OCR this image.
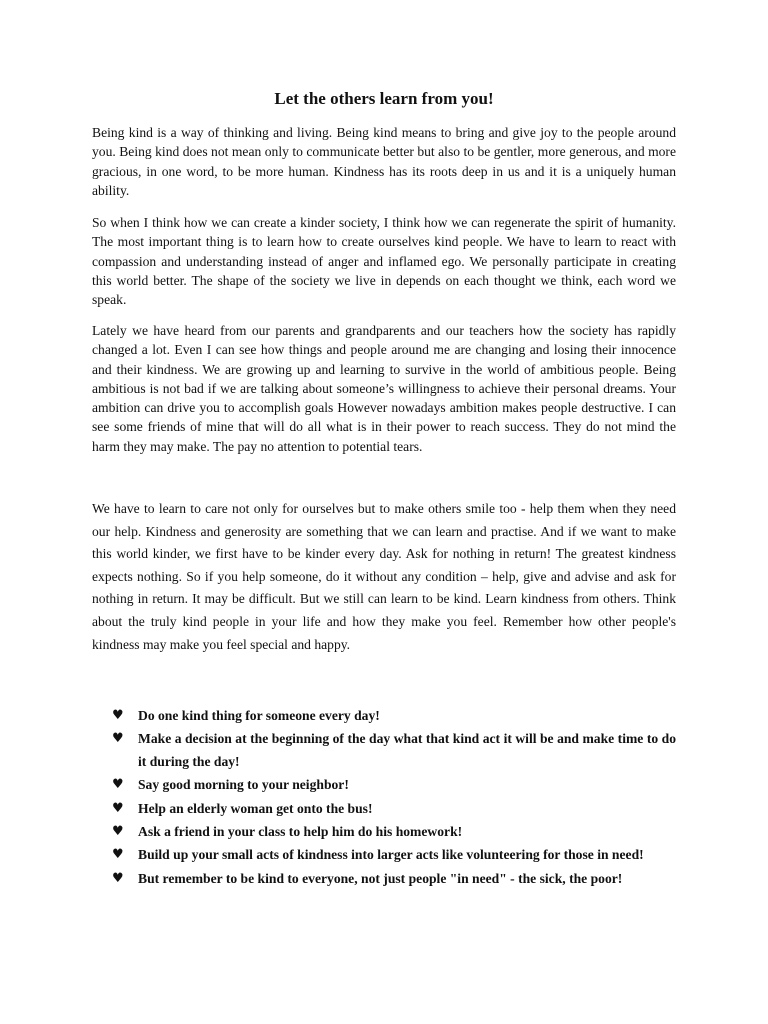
Let the others learn from you!

Being kind is a way of thinking and living. Being kind means to bring and give joy to the people around you. Being kind does not mean only to communicate better but also to be gentler, more generous, and more gracious, in one word, to be more human. Kindness has its roots deep in us and it is a uniquely human ability.

So when I think how we can create a kinder society, I think how we can regenerate the spirit of humanity. The most important thing is to learn how to create ourselves kind people. We have to learn to react with compassion and understanding instead of anger and inflamed ego. We personally participate in creating this world better. The shape of the society we live in depends on each thought we think, each word we speak.

Lately we have heard from our parents and grandparents and our teachers how the society has rapidly changed a lot. Even I can see how things and people around me are changing and losing their innocence and their kindness. We are growing up and learning to survive in the world of ambitious people. Being ambitious is not bad if we are talking about someone’s willingness to achieve their personal dreams. Your ambition can drive you to accomplish goals However nowadays ambition makes people destructive. I can see some friends of mine that will do all what is in their power to reach success. They do not mind the harm they may make. The pay no attention to potential tears.

We have to learn to care not only for ourselves but to make others smile too - help them when they need our help. Kindness and generosity are something that we can learn and practise. And if we want to make this world kinder, we first have to be kinder every day. Ask for nothing in return! The greatest kindness expects nothing. So if you help someone, do it without any condition – help, give and advise and ask for nothing in return. It may be difficult. But we still can learn to be kind. Learn kindness from others. Think about the truly kind people in your life and how they make you feel. Remember how other people's kindness may make you feel special and happy.

♥ Do one kind thing for someone every day!
♥ Make a decision at the beginning of the day what that kind act it will be and make time to do it during the day!
♥ Say good morning to your neighbor!
♥ Help an elderly woman get onto the bus!
♥ Ask a friend in your class to help him do his homework!
♥ Build up your small acts of kindness into larger acts like volunteering for those in need!
♥ But remember to be kind to everyone, not just people "in need" - the sick, the poor!
